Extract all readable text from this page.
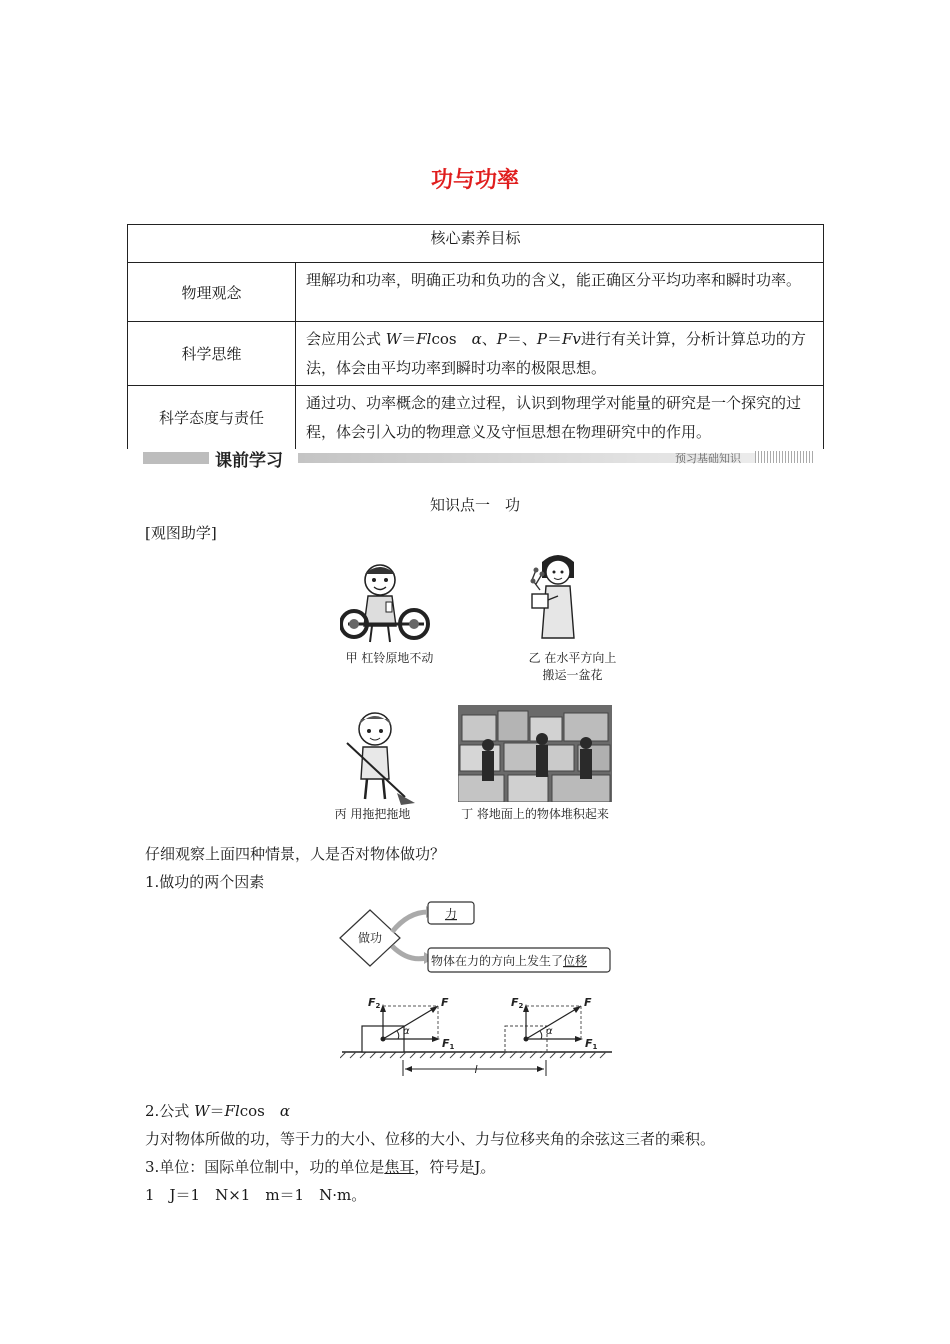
功与功率
核心素养目标	
物理观念	理解功和功率，明确正功和负功的含义，能正确区分平均功率和瞬时功率。
科学思维	会应用公式 W＝Flcos　 α、P＝、P＝Fv进行有关计算，分析计算总功的方法，体会由平均功率到瞬时功率的极限思想。
科学态度与责任	通过功、功率概念的建立过程，认识到物理学对能量的研究是一个探究的过程，体会引入功的物理意义及守恒思想在物理研究中的作用。
课前学习	预习基础知识
知识点一　功
[观图助学]
甲 杠铃原地不动	乙 在水平方向上
搬运一盆花
丙 用拖把拖地	丁 将地面上的物体堆积起来
仔细观察上面四种情景，人是否对物体做功？
1.做功的两个因素
做功
力
物体在力的方向上发生了位移
F
F2
F1
α
F
F2
F1
α
l
2.公式 W＝Flcos　α
力对物体所做的功，等于力的大小、位移的大小、力与位移夹角的余弦这三者的乘积。
3.单位：国际单位制中，功的单位是焦耳，符号是J。
1　J＝1　N×1　m＝1　N·m。
